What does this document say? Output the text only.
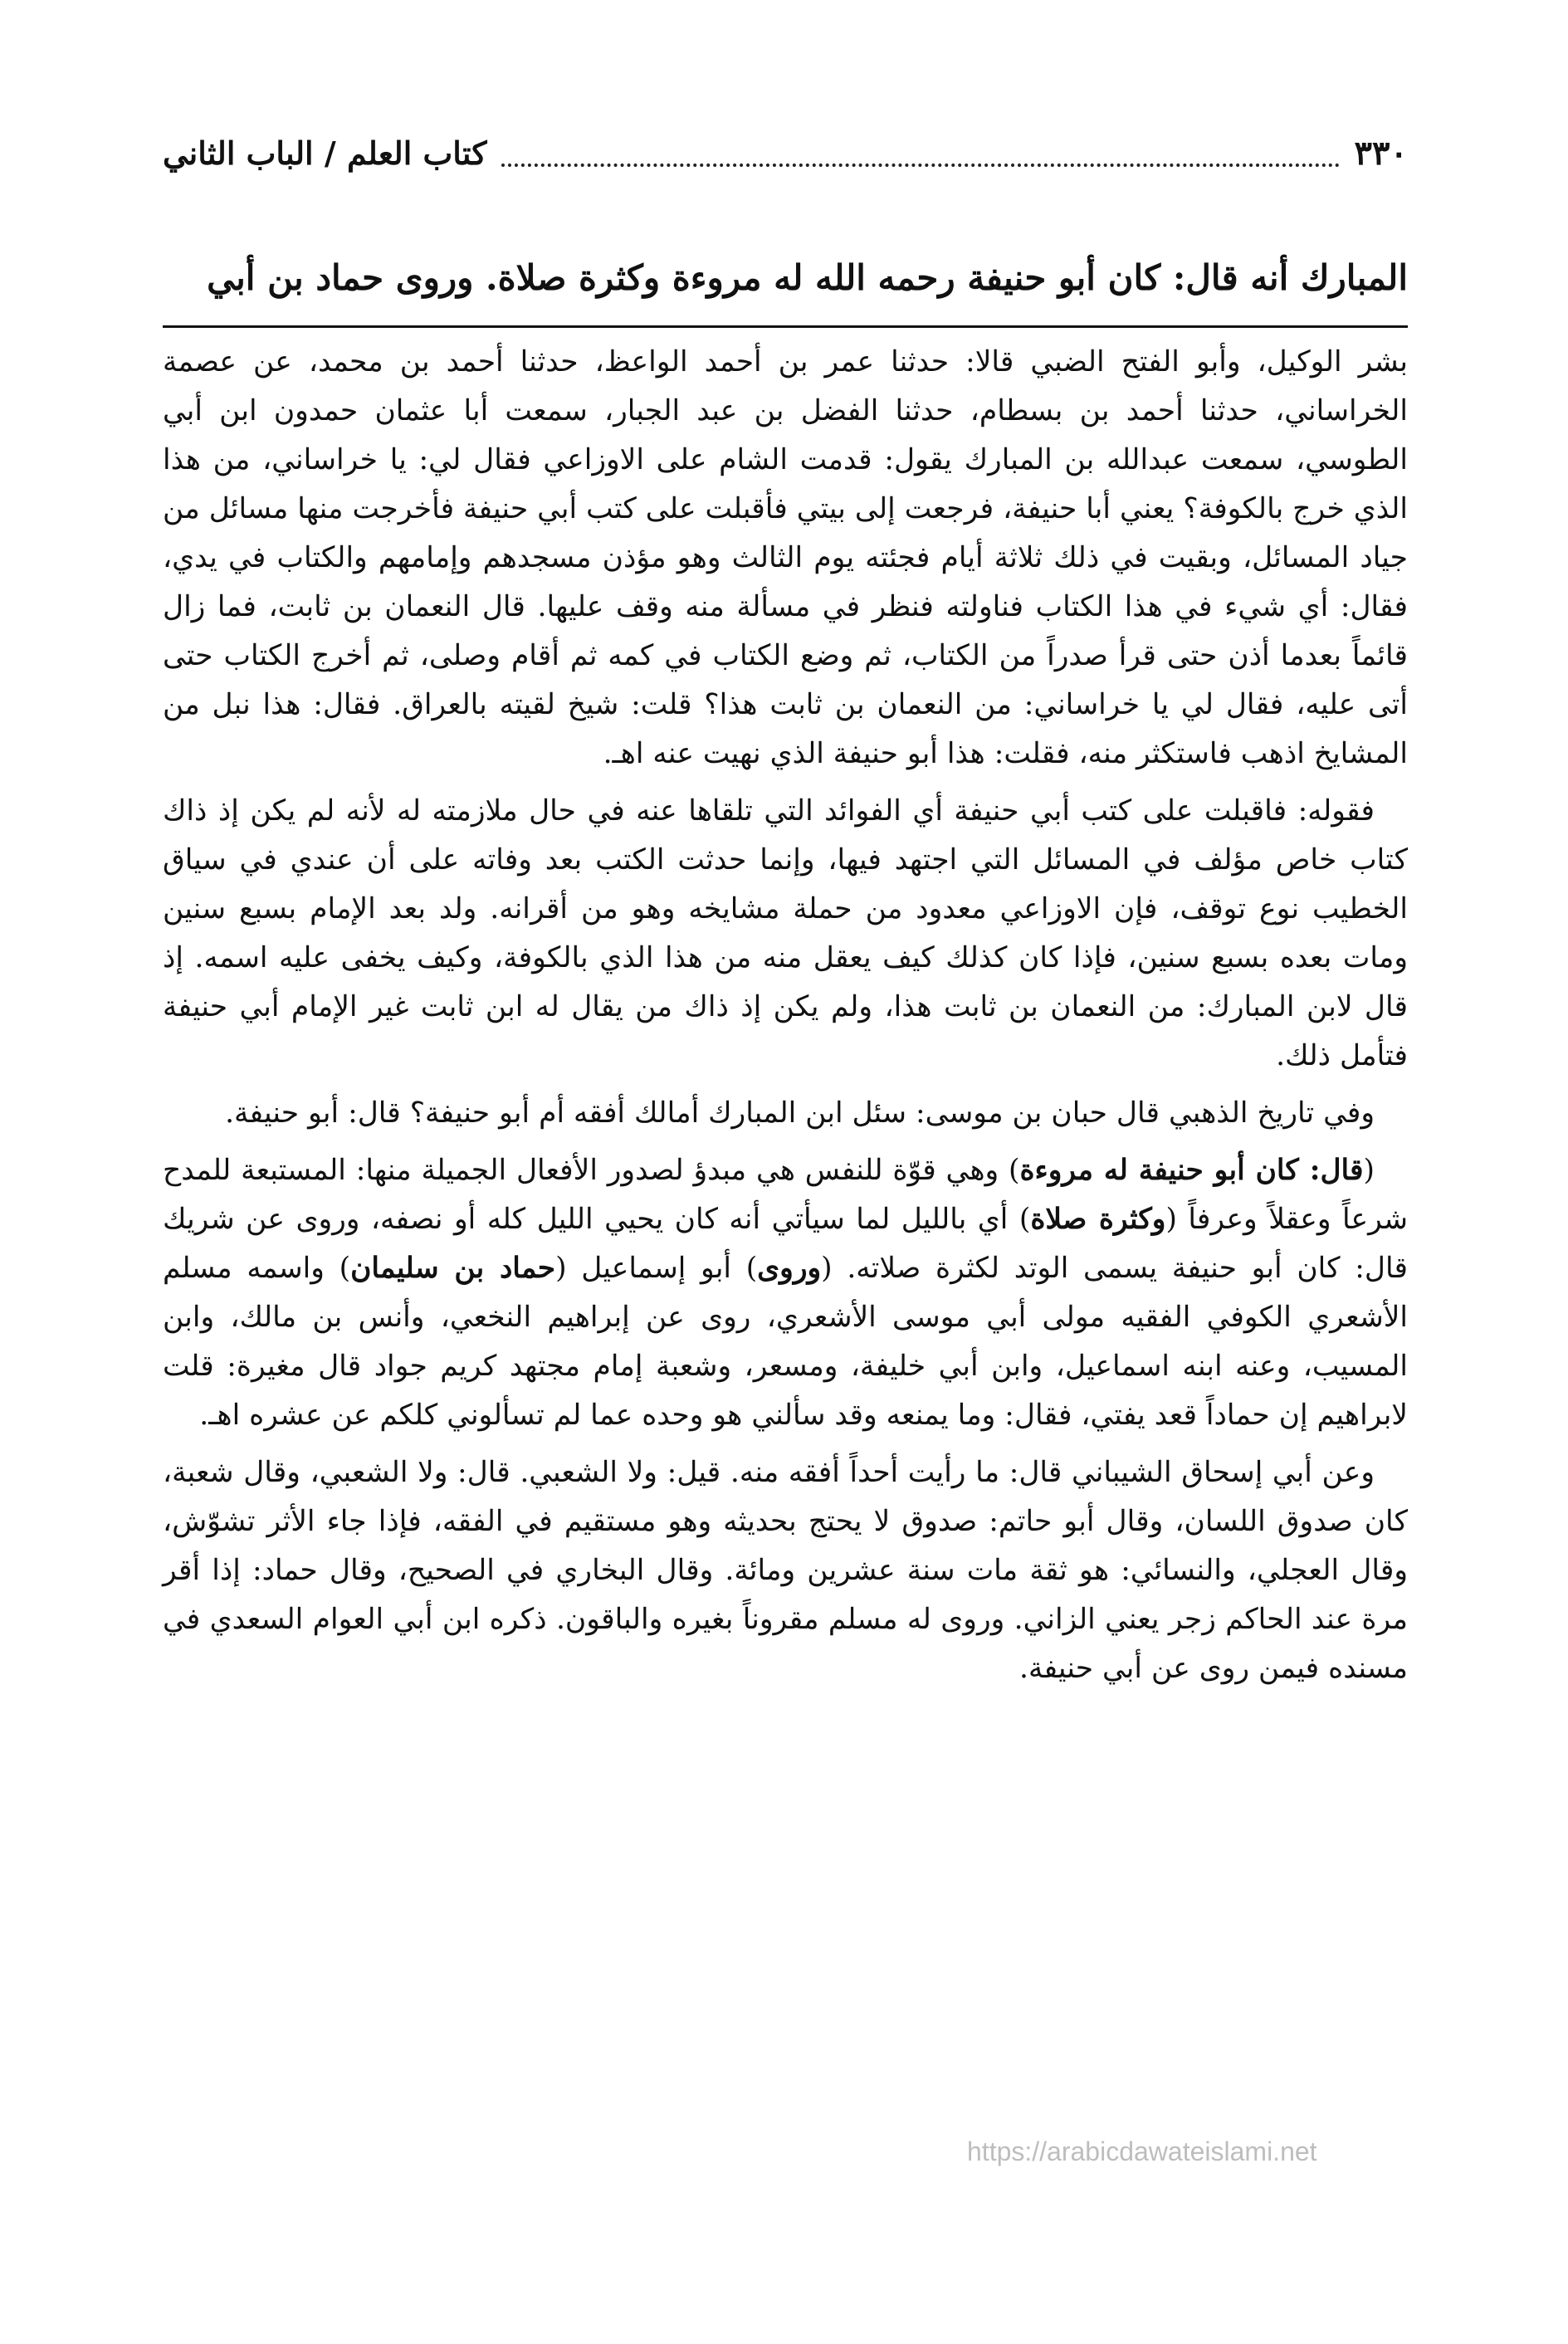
٣٣٠
كتاب العلم / الباب الثاني
المبارك أنه قال: كان أبو حنيفة رحمه الله له مروءة وكثرة صلاة. وروى حماد بن أبي

بشر الوكيل، وأبو الفتح الضبي قالا: حدثنا عمر بن أحمد الواعظ، حدثنا أحمد بن محمد، عن عصمة الخراساني، حدثنا أحمد بن بسطام، حدثنا الفضل بن عبد الجبار، سمعت أبا عثمان حمدون ابن أبي الطوسي، سمعت عبدالله بن المبارك يقول: قدمت الشام على الاوزاعي فقال لي: يا خراساني، من هذا الذي خرج بالكوفة؟ يعني أبا حنيفة، فرجعت إلى بيتي فأقبلت على كتب أبي حنيفة فأخرجت منها مسائل من جياد المسائل، وبقيت في ذلك ثلاثة أيام فجئته يوم الثالث وهو مؤذن مسجدهم وإمامهم والكتاب في يدي، فقال: أي شيء في هذا الكتاب فناولته فنظر في مسألة منه وقف عليها. قال النعمان بن ثابت، فما زال قائماً بعدما أذن حتى قرأ صدراً من الكتاب، ثم وضع الكتاب في كمه ثم أقام وصلى، ثم أخرج الكتاب حتى أتى عليه، فقال لي يا خراساني: من النعمان بن ثابت هذا؟ قلت: شيخ لقيته بالعراق. فقال: هذا نبل من المشايخ اذهب فاستكثر منه، فقلت: هذا أبو حنيفة الذي نهيت عنه اهـ.

فقوله: فاقبلت على كتب أبي حنيفة أي الفوائد التي تلقاها عنه في حال ملازمته له لأنه لم يكن إذ ذاك كتاب خاص مؤلف في المسائل التي اجتهد فيها، وإنما حدثت الكتب بعد وفاته على أن عندي في سياق الخطيب نوع توقف، فإن الاوزاعي معدود من حملة مشايخه وهو من أقرانه. ولد بعد الإمام بسبع سنين ومات بعده بسبع سنين، فإذا كان كذلك كيف يعقل منه من هذا الذي بالكوفة، وكيف يخفى عليه اسمه. إذ قال لابن المبارك: من النعمان بن ثابت هذا، ولم يكن إذ ذاك من يقال له ابن ثابت غير الإمام أبي حنيفة فتأمل ذلك.

وفي تاريخ الذهبي قال حبان بن موسى: سئل ابن المبارك أمالك أفقه أم أبو حنيفة؟ قال: أبو حنيفة.

(قال: كان أبو حنيفة له مروءة) وهي قوّة للنفس هي مبدؤ لصدور الأفعال الجميلة منها: المستبعة للمدح شرعاً وعقلاً وعرفاً (وكثرة صلاة) أي بالليل لما سيأتي أنه كان يحيي الليل كله أو نصفه، وروى عن شريك قال: كان أبو حنيفة يسمى الوتد لكثرة صلاته. (وروى) أبو إسماعيل (حماد بن سليمان) واسمه مسلم الأشعري الكوفي الفقيه مولى أبي موسى الأشعري، روى عن إبراهيم النخعي، وأنس بن مالك، وابن المسيب، وعنه ابنه اسماعيل، وابن أبي خليفة، ومسعر، وشعبة إمام مجتهد كريم جواد قال مغيرة: قلت لابراهيم إن حماداً قعد يفتي، فقال: وما يمنعه وقد سألني هو وحده عما لم تسألوني كلكم عن عشره اهـ.

وعن أبي إسحاق الشيباني قال: ما رأيت أحداً أفقه منه. قيل: ولا الشعبي. قال: ولا الشعبي، وقال شعبة، كان صدوق اللسان، وقال أبو حاتم: صدوق لا يحتج بحديثه وهو مستقيم في الفقه، فإذا جاء الأثر تشوّش، وقال العجلي، والنسائي: هو ثقة مات سنة عشرين ومائة. وقال البخاري في الصحيح، وقال حماد: إذا أقر مرة عند الحاكم زجر يعني الزاني. وروى له مسلم مقروناً بغيره والباقون. ذكره ابن أبي العوام السعدي في مسنده فيمن روى عن أبي حنيفة.

https://arabicdawateislami.net
